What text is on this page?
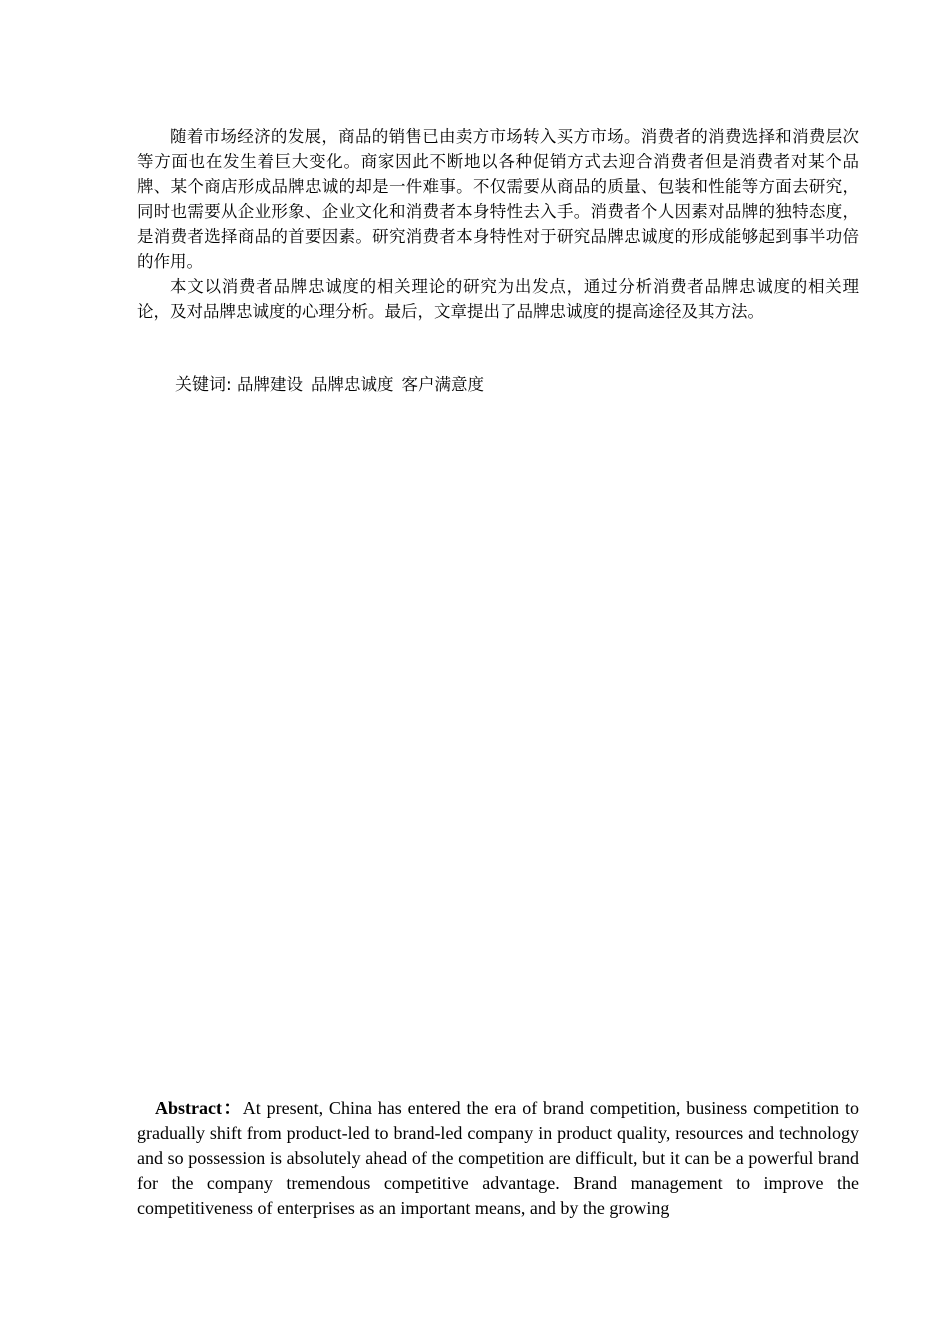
随着市场经济的发展，商品的销售已由卖方市场转入买方市场。消费者的消费选择和消费层次等方面也在发生着巨大变化。商家因此不断地以各种促销方式去迎合消费者但是消费者对某个品牌、某个商店形成品牌忠诚的却是一件难事。不仅需要从商品的质量、包装和性能等方面去研究，同时也需要从企业形象、企业文化和消费者本身特性去入手。消费者个人因素对品牌的独特态度，是消费者选择商品的首要因素。研究消费者本身特性对于研究品牌忠诚度的形成能够起到事半功倍的作用。

本文以消费者品牌忠诚度的相关理论的研究为出发点，通过分析消费者品牌忠诚度的相关理论，及对品牌忠诚度的心理分析。最后，文章提出了品牌忠诚度的提高途径及其方法。

关键词: 品牌建设 品牌忠诚度 客户满意度

Abstract：At present, China has entered the era of brand competition, business competition to gradually shift from product-led to brand-led company in product quality, resources and technology and so possession is absolutely ahead of the competition are difficult, but it can be a powerful brand for the company tremendous competitive advantage. Brand management to improve the competitiveness of enterprises as an important means, and by the growing
